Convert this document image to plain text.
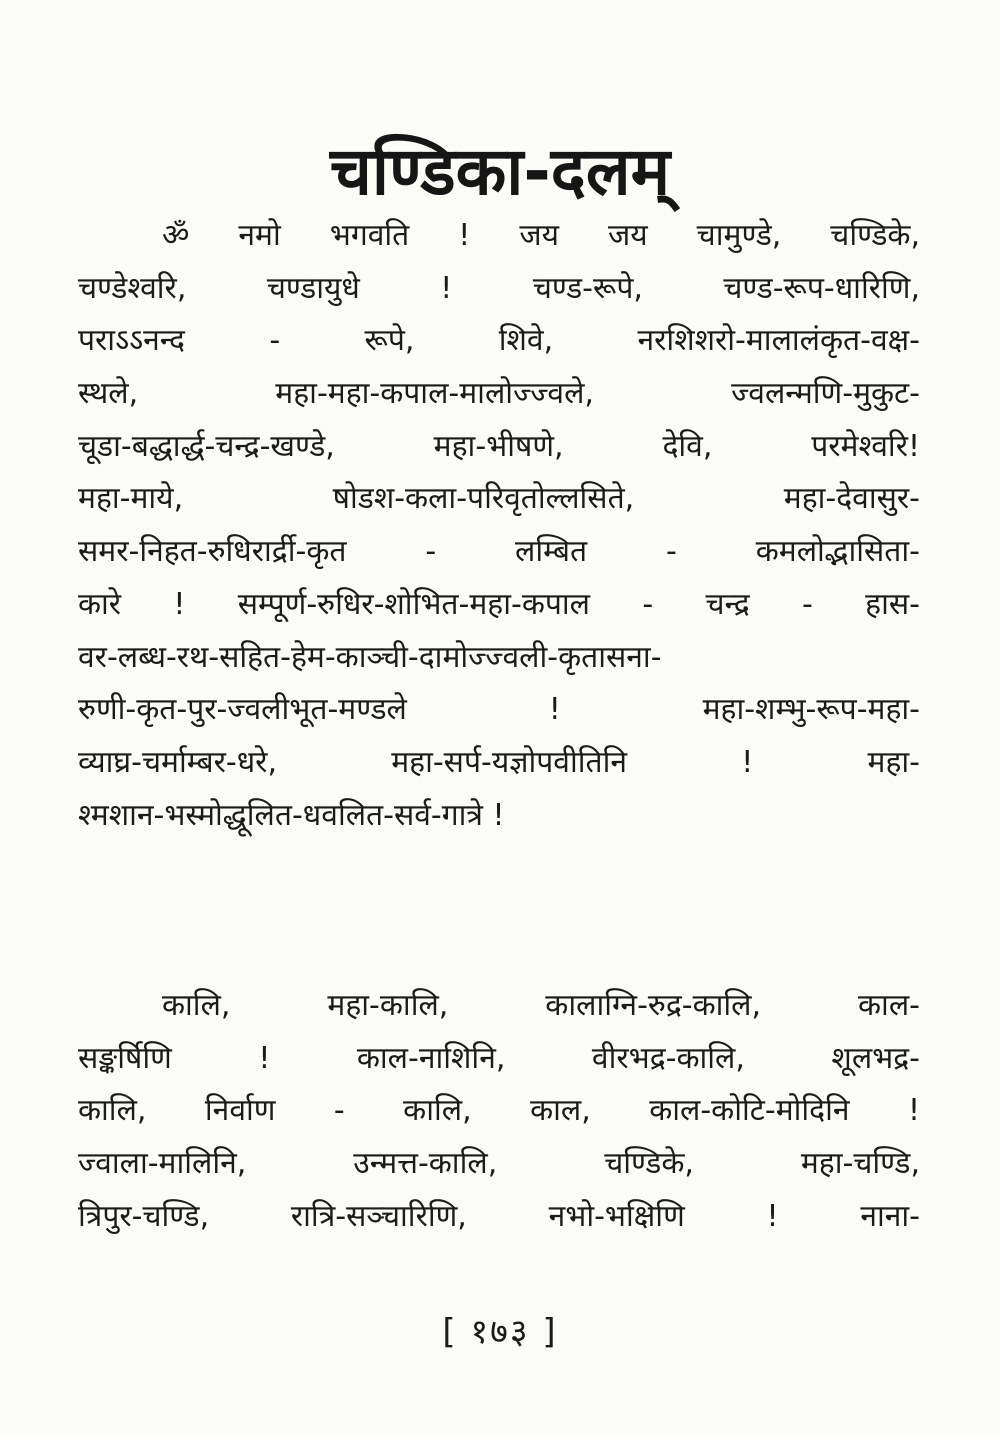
चण्डिका-दलम्
ॐ नमो भगवति ! जय जय चामुण्डे, चण्डिके,
चण्डेश्वरि, चण्डायुधे ! चण्ड-रूपे, चण्ड-रूप-धारिणि,
पराऽऽनन्द - रूपे, शिवे, नरशिशरो-मालालंकृत-वक्ष-
स्थले, महा-महा-कपाल-मालोज्ज्वले, ज्वलन्मणि-मुकुट-
चूडा-बद्धार्द्ध-चन्द्र-खण्डे, महा-भीषणे, देवि, परमेश्वरि!
महा-माये, षोडश-कला-परिवृतोल्लसिते, महा-देवासुर-
समर-निहत-रुधिरार्द्री-कृत - लम्बित - कमलोद्भासिता-
कारे ! सम्पूर्ण-रुधिर-शोभित-महा-कपाल - चन्द्र - हास-
वर-लब्ध-रथ-सहित-हेम-काञ्ची-दामोज्ज्वली-कृतासना-
रुणी-कृत-पुर-ज्वलीभूत-मण्डले ! महा-शम्भु-रूप-महा-
व्याघ्र-चर्माम्बर-धरे, महा-सर्प-यज्ञोपवीतिनि ! महा-
श्मशान-भस्मोद्धूलित-धवलित-सर्व-गात्रे !
कालि, महा-कालि, कालाग्नि-रुद्र-कालि, काल-
सङ्कर्षिणि ! काल-नाशिनि, वीरभद्र-कालि, शूलभद्र-
कालि, निर्वाण - कालि, काल, काल-कोटि-मोदिनि !
ज्वाला-मालिनि, उन्मत्त-कालि, चण्डिके, महा-चण्डि,
त्रिपुर-चण्डि, रात्रि-सञ्चारिणि, नभो-भक्षिणि ! नाना-
[ १७३ ]
